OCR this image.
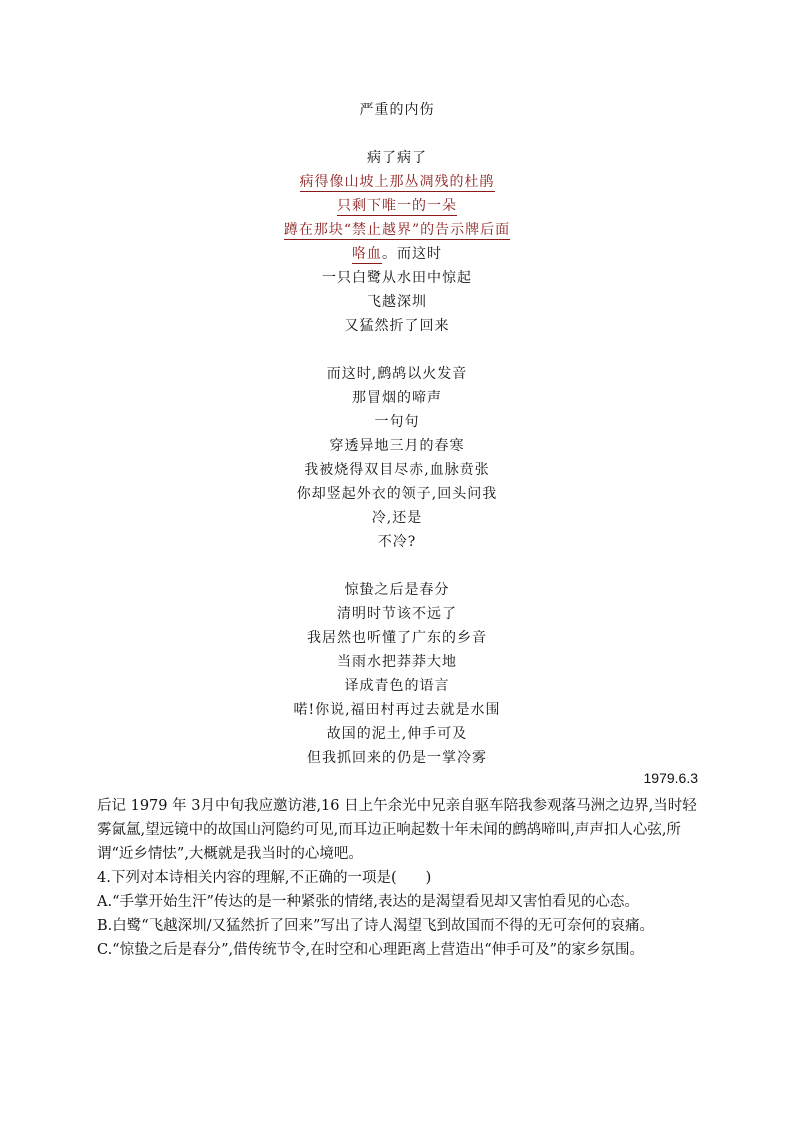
严重的内伤
病了病了
病得像山坡上那丛凋残的杜鹃
只剩下唯一的一朵
蹲在那块“禁止越界”的告示牌后面
咯血。而这时
一只白鹭从水田中惊起
飞越深圳
又猛然折了回来
而这时,鹧鸪以火发音
那冒烟的啼声
一句句
穿透异地三月的春寒
我被烧得双目尽赤,血脉贲张
你却竖起外衣的领子,回头问我
冷,还是
不冷?
惊蛰之后是春分
清明时节该不远了
我居然也听懂了广东的乡音
当雨水把莽莽大地
译成青色的语言
喏!你说,福田村再过去就是水围
故国的泥土,伸手可及
但我抓回来的仍是一掌冷雾
1979.6.3

后记 1979 年 3月中旬我应邀访港,16 日上午余光中兄亲自驱车陪我参观落马洲之边界,当时轻雾氤氲,望远镜中的故国山河隐约可见,而耳边正响起数十年未闻的鹧鸪啼叫,声声扣人心弦,所谓“近乡情怯”,大概就是我当时的心境吧。

4.下列对本诗相关内容的理解,不正确的一项是(　　)

A.“手掌开始生汗”传达的是一种紧张的情绪,表达的是渴望看见却又害怕看见的心态。

B.白鹭“飞越深圳/又猛然折了回来”写出了诗人渴望飞到故国而不得的无可奈何的哀痛。

C.“惊蛰之后是春分”,借传统节令,在时空和心理距离上营造出“伸手可及”的家乡氛围。
